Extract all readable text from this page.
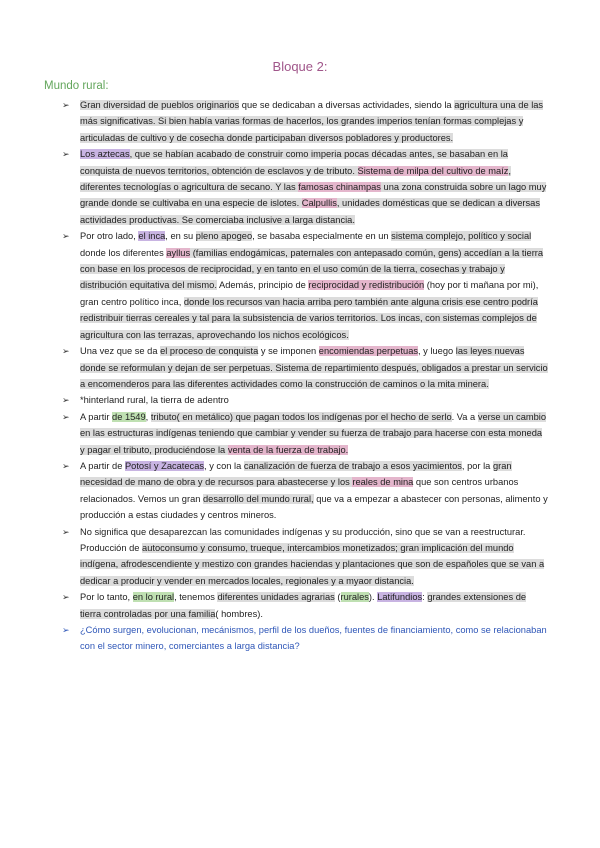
Bloque 2:
Mundo rural:
➢ Gran diversidad de pueblos originarios que se dedicaban a diversas actividades, siendo la agricultura una de las más significativas. Si bien había varias formas de hacerlos, los grandes imperios tenían formas complejas y articuladas de cultivo y de cosecha donde participaban diversos pobladores y productores.
➢ Los aztecas, que se habían acabado de construir como imperia pocas décadas antes, se basaban en la conquista de nuevos territorios, obtención de esclavos y de tributo. Sistema de milpa del cultivo de maíz, diferentes tecnologías o agricultura de secano. Y las famosas chinampas una zona construida sobre un lago muy grande donde se cultivaba en una especie de islotes. Calpullis, unidades domésticas que se dedican a diversas actividades productivas. Se comerciaba inclusive a larga distancia.
➢ Por otro lado, el inca, en su pleno apogeo, se basaba especialmente en un sistema complejo, político y social donde los diferentes ayllus (familias endogámicas, paternales con antepasado común, gens) accedían a la tierra con base en los procesos de reciprocidad, y en tanto en el uso común de la tierra, cosechas y trabajo y distribución equitativa del mismo. Además, principio de reciprocidad y redistribución (hoy por ti mañana por mi), gran centro político inca, donde los recursos van hacia arriba pero también ante alguna crisis ese centro podría redistribuir tierras cereales y tal para la subsistencia de varios territorios. Los incas, con sistemas complejos de agricultura con las terrazas, aprovechando los nichos ecológicos.
➢ Una vez que se da el proceso de conquista y se imponen encomiendas perpetuas, y luego las leyes nuevas donde se reformulan y dejan de ser perpetuas. Sistema de repartimiento después, obligados a prestar un servicio a encomenderos para las diferentes actividades como la construcción de caminos o la mita minera.
➢ *hinterland rural, la tierra de adentro
➢ A partir de 1549, tributo( en metálico) que pagan todos los indígenas por el hecho de serlo. Va a verse un cambio en las estructuras indígenas teniendo que cambiar y vender su fuerza de trabajo para hacerse con esta moneda y pagar el tributo, produciéndose la venta de la fuerza de trabajo.
➢ A partir de Potosí y Zacatecas, y con la canalización de fuerza de trabajo a esos yacimientos, por la gran necesidad de mano de obra y de recursos para abastecerse y los reales de mina que son centros urbanos relacionados. Vemos un gran desarrollo del mundo rural, que va a empezar a abastecer con personas, alimento y producción a estas ciudades y centros mineros.
➢ No significa que desaparezcan las comunidades indígenas y su producción, sino que se van a reestructurar. Producción de autoconsumo y consumo, trueque, intercambios monetizados; gran implicación del mundo indígena, afrodescendiente y mestizo con grandes haciendas y plantaciones que son de españoles que se van a dedicar a producir y vender en mercados locales, regionales y a myaor distancia.
➢ Por lo tanto, en lo rural, tenemos diferentes unidades agrarias (rurales). Latifundios: grandes extensiones de tierra controladas por una familia( hombres).
➢ ¿Cómo surgen, evolucionan, mecánismos, perfil de los dueños, fuentes de financiamiento, como se relacionaban con el sector minero, comerciantes a larga distancia?
